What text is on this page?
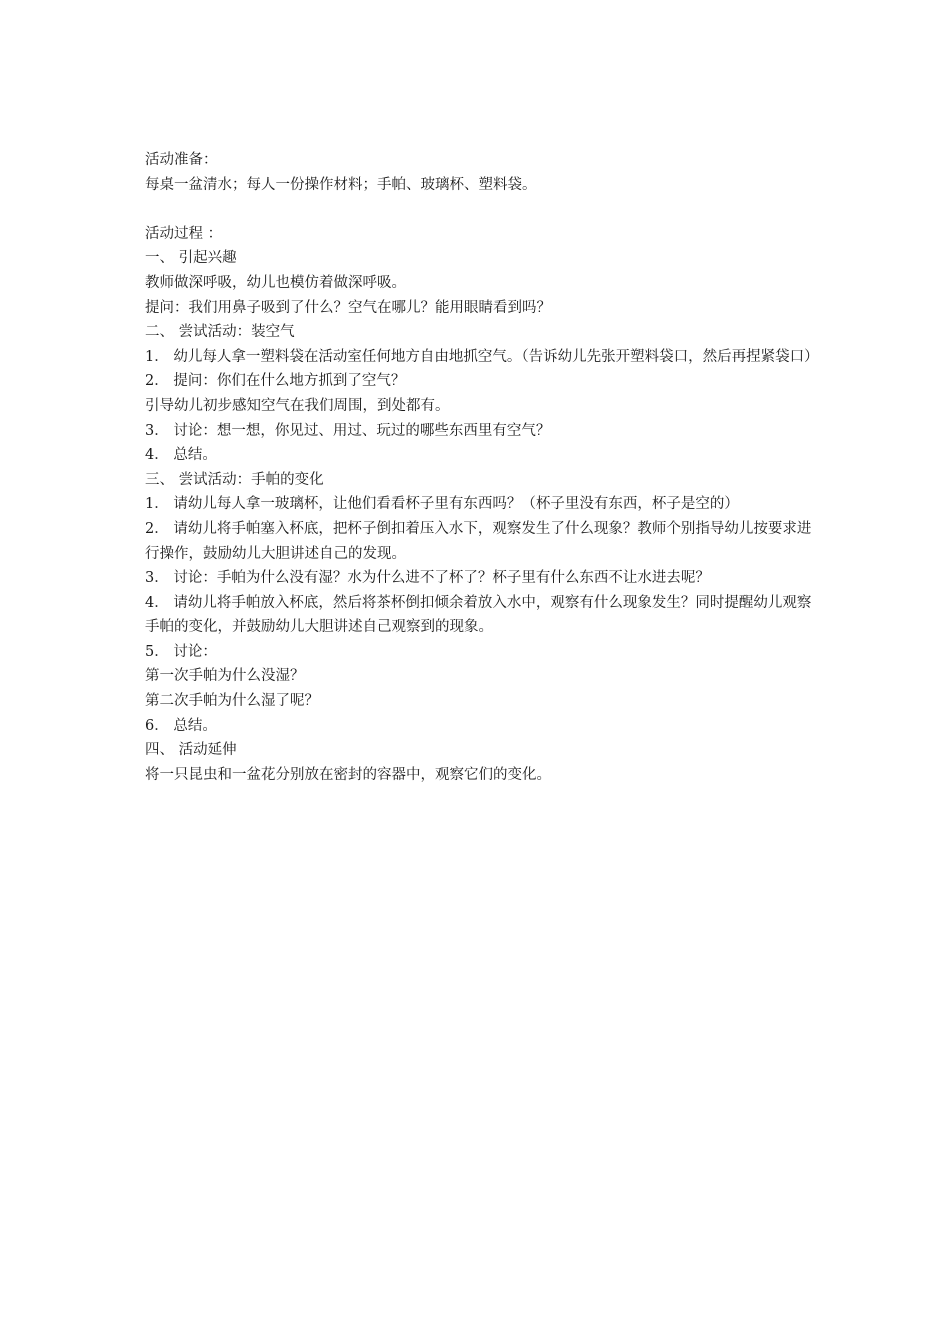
活动准备：

每桌一盆清水；每人一份操作材料；手帕、玻璃杯、塑料袋。

活动过程 ：

一、 引起兴趣

教师做深呼吸，幼儿也模仿着做深呼吸。

提问：我们用鼻子吸到了什么？空气在哪儿？能用眼睛看到吗？

二、 尝试活动：装空气

1． 幼儿每人拿一塑料袋在活动室任何地方自由地抓空气。（告诉幼儿先张开塑料袋口，然后再捏紧袋口）

2． 提问：你们在什么地方抓到了空气？

引导幼儿初步感知空气在我们周围，到处都有。

3． 讨论：想一想，你见过、用过、玩过的哪些东西里有空气？

4． 总结。

三、 尝试活动：手帕的变化

1． 请幼儿每人拿一玻璃杯，让他们看看杯子里有东西吗？（杯子里没有东西，杯子是空的）

2． 请幼儿将手帕塞入杯底，把杯子倒扣着压入水下，观察发生了什么现象？教师个别指导幼儿按要求进行操作，鼓励幼儿大胆讲述自己的发现。

3． 讨论：手帕为什么没有湿？水为什么进不了杯了？杯子里有什么东西不让水进去呢？

4． 请幼儿将手帕放入杯底，然后将茶杯倒扣倾余着放入水中，观察有什么现象发生？同时提醒幼儿观察手帕的变化，并鼓励幼儿大胆讲述自己观察到的现象。

5． 讨论：

第一次手帕为什么没湿？

第二次手帕为什么湿了呢？

6． 总结。

四、 活动延伸

将一只昆虫和一盆花分别放在密封的容器中，观察它们的变化。
